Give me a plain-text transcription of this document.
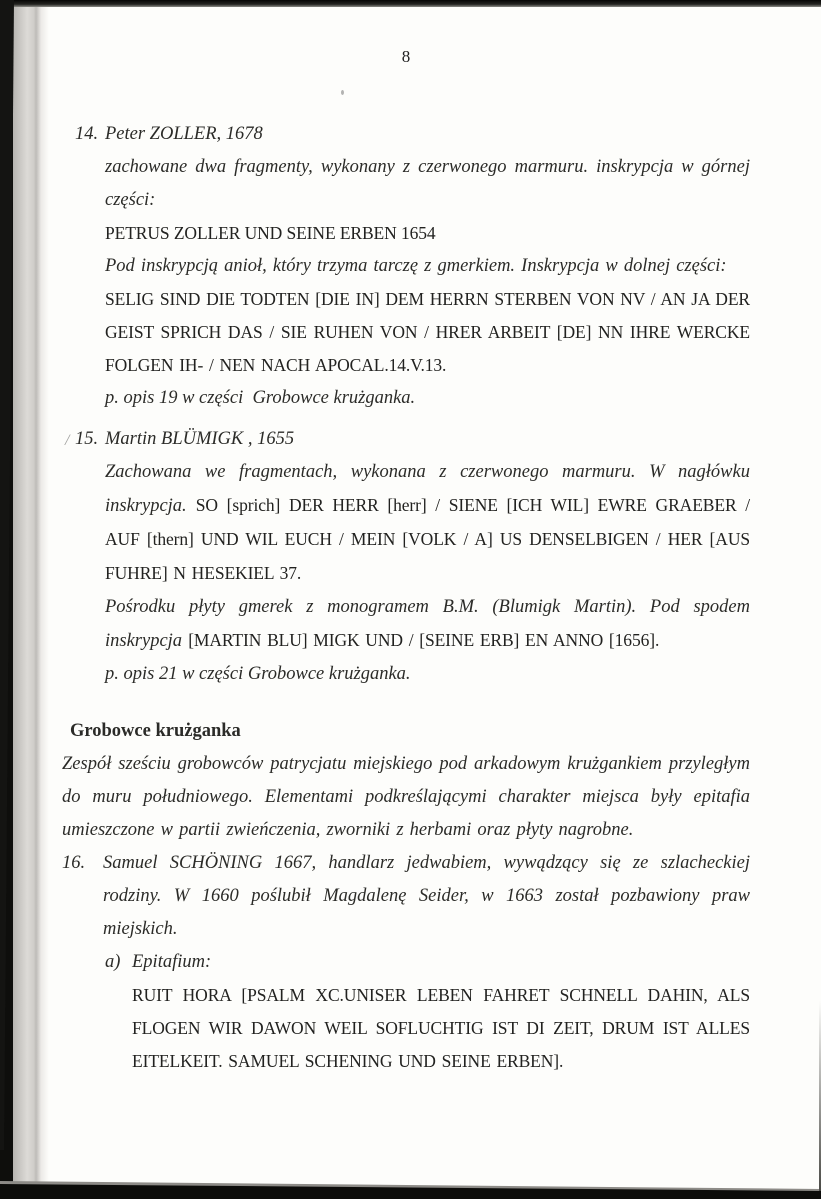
8
14. Peter ZOLLER, 1678

zachowane dwa fragmenty, wykonany z czerwonego marmuru. inskrypcja w górnej części:

PETRUS ZOLLER UND SEINE ERBEN 1654

Pod inskrypcją anioł, który trzyma tarczę z gmerkiem. Inskrypcja w dolnej części:

SELIG SIND DIE TODTEN [DIE IN] DEM HERRN STERBEN VON NV / AN JA DER GEIST SPRICH DAS / SIE RUHEN VON / HRER ARBEIT [DE] NN IHRE WERCKE FOLGEN IH- / NEN NACH APOCAL.14.V.13.

p. opis 19 w części  Grobowce krużganka.

/ 15. Martin BLÜMIGK , 1655

Zachowana we fragmentach, wykonana z czerwonego marmuru. W nagłówku inskrypcja. SO [sprich] DER HERR [herr] / SIENE [ICH WIL] EWRE GRAEBER / AUF [thern] UND WIL EUCH / MEIN [VOLK / A] US DENSELBIGEN / HER [AUS FUHRE] N HESEKIEL 37.

Pośrodku płyty gmerek z monogramem B.M. (Blumigk Martin). Pod spodem inskrypcja [MARTIN BLU] MIGK UND / [SEINE ERB] EN ANNO [1656].

p. opis 21 w części Grobowce krużganka.

Grobowce krużganka

Zespół sześciu grobowców patrycjatu miejskiego pod arkadowym krużgankiem przyległym do muru południowego. Elementami podkreślającymi charakter miejsca były epitafia umieszczone w partii zwieńczenia, zworniki z herbami oraz płyty nagrobne.

16. Samuel SCHÖNING 1667, handlarz jedwabiem, wywądzący się ze szlacheckiej rodziny. W 1660 poślubił Magdalenę Seider, w 1663 został pozbawiony praw miejskich.

a) Epitafium:

RUIT HORA [PSALM XC.UNISER LEBEN FAHRET SCHNELL DAHIN, ALS FLOGEN WIR DAWON WEIL SOFLUCHTIG IST DI ZEIT, DRUM IST ALLES EITELKEIT. SAMUEL SCHENING UND SEINE ERBEN].
